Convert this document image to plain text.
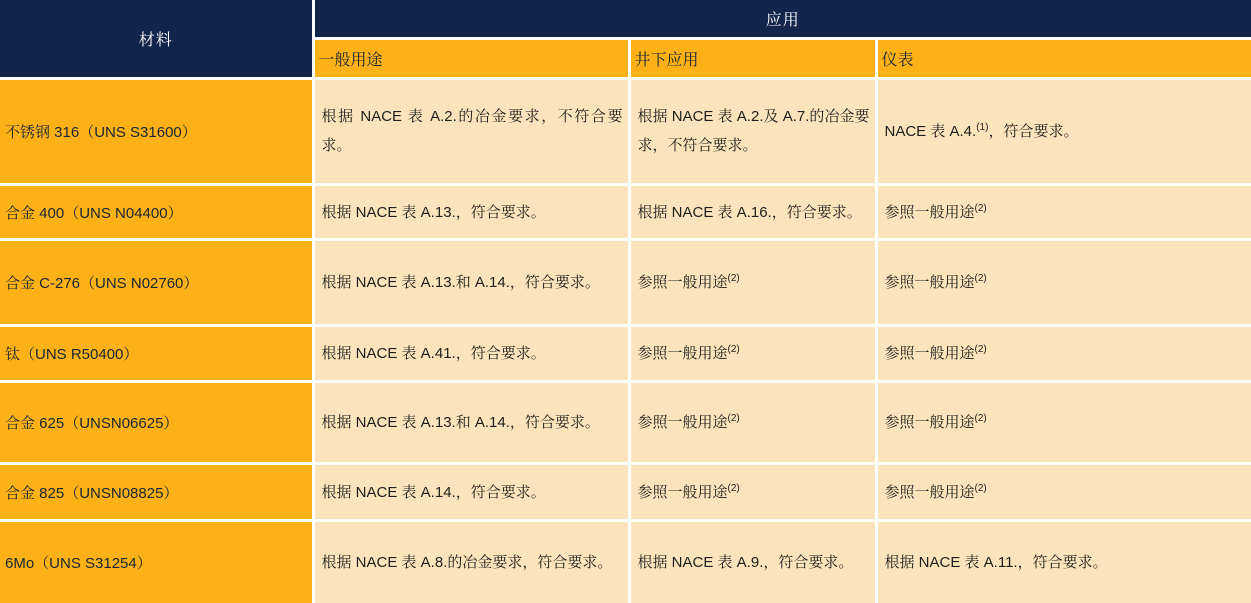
材料	应用		
	一般用途	井下应用	仪表
不锈钢 316（UNS S31600）	根据 NACE 表 A.2.的冶金要求，不符合要求。	根据 NACE 表 A.2.及 A.7.的冶金要求，不符合要求。	NACE 表 A.4.$^{(1)}$，符合要求。
合金 400（UNS N04400）	根据 NACE 表 A.13.，符合要求。	根据 NACE 表 A.16.，符合要求。	参照一般用途$^{(2)}$
合金 C-276（UNS N02760）	根据 NACE 表 A.13.和 A.14.，符合要求。	参照一般用途$^{(2)}$	参照一般用途$^{(2)}$
钛（UNS R50400）	根据 NACE 表 A.41.，符合要求。	参照一般用途$^{(2)}$	参照一般用途$^{(2)}$
合金 625（UNSN06625）	根据 NACE 表 A.13.和 A.14.，符合要求。	参照一般用途$^{(2)}$	参照一般用途$^{(2)}$
合金 825（UNSN08825）	根据 NACE 表 A.14.，符合要求。	参照一般用途$^{(2)}$	参照一般用途$^{(2)}$
6Mo（UNS S31254）	根据 NACE 表 A.8.的冶金要求，符合要求。	根据 NACE 表 A.9.，符合要求。	根据 NACE 表 A.11.，符合要求。
